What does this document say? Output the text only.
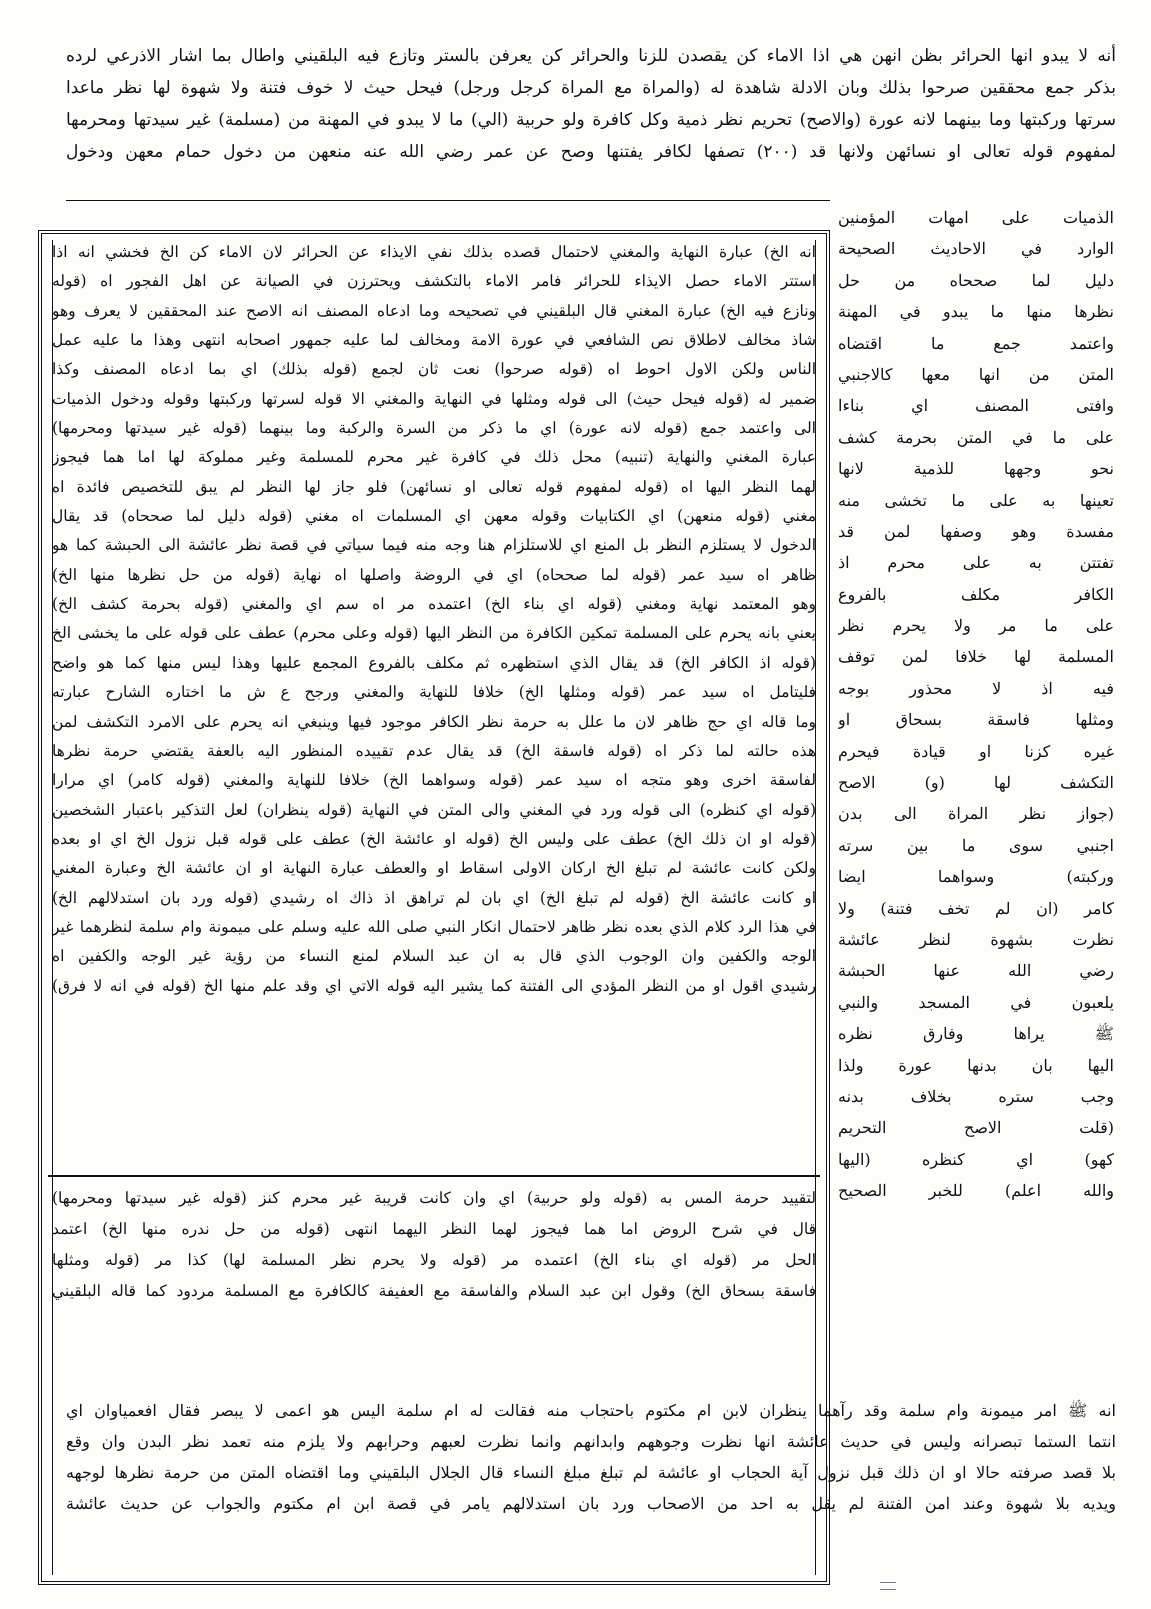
أنه لا يبدو انها الحرائر بظن انهن هي اذا الاماء كن يقصدن للزنا والحرائر كن يعرفن بالستر وتازع فيه البلقيني واطال بما اشار الاذرعي لرده
بذكر جمع محققين صرحوا بذلك وبان الادلة شاهدة له (والمراة مع المراة كرجل ورجل) فيحل حيث لا خوف فتنة ولا شهوة لها نظر ماعدا
سرتها وركبتها وما بينهما لانه عورة (والاصح) تحريم نظر ذمية وكل كافرة ولو حربية (الي) ما لا يبدو في المهنة من (مسلمة) غير سيدتها ومحرمها
لمفهوم قوله تعالى او نسائهن ولانها قد (٢٠٠) تصفها لكافر يفتنها وصح عن عمر رضي الله عنه منعهن من دخول حمام معهن ودخول
الذميات على امهات المؤمنين
الوارد في الاحاديث الصحيحة
دليل لما صححاه من حل
نظرها منها ما يبدو في المهنة
واعتمد جمع ما اقتضاه
المتن من انها معها كالاجنبي
وافتى المصنف اي بناءا
على ما في المتن بحرمة كشف
نحو وجهها للذمية لانها
تعينها به على ما تخشى منه
مفسدة وهو وصفها لمن قد
تفتتن به على محرم اذ
الكافر مكلف بالفروع
على ما مر ولا يحرم نظر
المسلمة لها خلافا لمن توقف
فيه اذ لا محذور بوجه
ومثلها فاسقة بسحاق او
غيره كزنا او قيادة فيحرم
التكشف لها (و) الاصح
(جواز نظر المراة الى بدن
اجنبي سوى ما بين سرته
وركبته) وسواهما ايضا
كامر (ان لم تخف فتنة) ولا
نظرت بشهوة لنظر عائشة
رضي الله عنها الحبشة
يلعبون في المسجد والنبي
ﷺ يراها وفارق نظره
اليها بان بدنها عورة ولذا
وجب ستره بخلاف بدنه
(قلت الاصح التحريم
كهو) اي كنظره (اليها
والله اعلم) للخبر الصحيح
انه الخ) عبارة النهاية والمغني لاحتمال قصده بذلك نفي الايذاء عن الحرائر لان الاماء كن الخ فخشي انه اذا
استتر الاماء حصل الايذاء للحرائر فامر الاماء بالتكشف ويحترزن في الصيانة عن اهل الفجور اه (قوله
ونازع فيه الخ) عبارة المغني قال البلقيني في تصحيحه وما ادعاه المصنف انه الاصح عند المحققين لا يعرف وهو
شاذ مخالف لاطلاق نص الشافعي في عورة الامة ومخالف لما عليه جمهور اصحابه انتهى وهذا ما عليه عمل
الناس ولكن الاول احوط اه (قوله صرحوا) نعت ثان لجمع (قوله بذلك) اي بما ادعاه المصنف وكذا
ضمير له (قوله فيحل حيث) الى قوله ومثلها في النهاية والمغني الا قوله لسرتها وركبتها وقوله ودخول الذميات
الى واعتمد جمع (قوله لانه عورة) اي ما ذكر من السرة والركبة وما بينهما (قوله غير سيدتها ومحرمها)
عبارة المغني والنهاية (تنبيه) محل ذلك في كافرة غير محرم للمسلمة وغير مملوكة لها اما هما فيجوز
لهما النظر اليها اه (قوله لمفهوم قوله تعالى او نسائهن) فلو جاز لها النظر لم يبق للتخصيص فائدة اه
مغني (قوله منعهن) اي الكتابيات وقوله معهن اي المسلمات اه مغني (قوله دليل لما صححاه) قد يقال
الدخول لا يستلزم النظر بل المنع اي للاستلزام هنا وجه منه فيما سياتي في قصة نظر عائشة الى الحبشة كما هو
ظاهر اه سيد عمر (قوله لما صححاه) اي في الروضة واصلها اه نهاية (قوله من حل نظرها منها الخ)
وهو المعتمد نهاية ومغني (قوله اي بناء الخ) اعتمده مر اه سم اي والمغني (قوله بحرمة كشف الخ)
يعني بانه يحرم على المسلمة تمكين الكافرة من النظر اليها (قوله وعلى محرم) عطف على قوله على ما يخشى الخ
(قوله اذ الكافر الخ) قد يقال الذي استظهره ثم مكلف بالفروع المجمع عليها وهذا ليس منها كما هو واضح
فليتامل اه سيد عمر (قوله ومثلها الخ) خلافا للنهاية والمغني ورجح ع ش ما اختاره الشارح عبارته
وما قاله اي حج ظاهر لان ما علل به حرمة نظر الكافر موجود فيها وينبغي انه يحرم على الامرد التكشف لمن
هذه حالته لما ذكر اه (قوله فاسقة الخ) قد يقال عدم تقييده المنظور اليه بالعفة يقتضي حرمة نظرها
لفاسقة اخرى وهو متجه اه سيد عمر (قوله وسواهما الخ) خلافا للنهاية والمغني (قوله كامر) اي مرارا
(قوله اي كنظره) الى قوله ورد في المغني والى المتن في النهاية (قوله ينظران) لعل التذكير باعتبار الشخصين
(قوله او ان ذلك الخ) عطف على وليس الخ (قوله او عائشة الخ) عطف على قوله قبل نزول الخ اي او بعده
ولكن كانت عائشة لم تبلغ الخ اركان الاولى اسقاط او والعطف عبارة النهاية او ان عائشة الخ وعبارة المغني
او كانت عائشة الخ (قوله لم تبلغ الخ) اي بان لم تراهق اذ ذاك اه رشيدي (قوله ورد بان استدلالهم الخ)
في هذا الرد كلام الذي بعده نظر ظاهر لاحتمال انكار النبي صلى الله عليه وسلم على ميمونة وام سلمة لنظرهما غير
الوجه والكفين وان الوجوب الذي قال به ان عبد السلام لمنع النساء من رؤية غير الوجه والكفين اه
رشيدي اقول او من النظر المؤدي الى الفتنة كما يشير اليه قوله الاتي اي وقد علم منها الخ (قوله في انه لا فرق)
لتقييد حرمة المس به (قوله ولو حربية) اي وان كانت قريبة غير محرم كنز (قوله غير سيدتها ومحرمها)
قال في شرح الروض اما هما فيجوز لهما النظر اليهما انتهى (قوله من حل ندره منها الخ) اعتمد
الحل مر (قوله اي بناء الخ) اعتمده مر (قوله ولا يحرم نظر المسلمة لها) كذا مر (قوله ومثلها
فاسقة بسحاق الخ) وقول ابن عبد السلام والفاسقة مع العفيفة كالكافرة مع المسلمة مردود كما قاله البلقيني
انه ﷺ امر ميمونة وام سلمة وقد رآهما ينظران لابن ام مكتوم باحتجاب منه فقالت له ام سلمة اليس هو اعمى لا يبصر فقال افعمياوان اي
انتما الستما تبصرانه وليس في حديث عائشة انها نظرت وجوههم وابدانهم وانما نظرت لعبهم وحرابهم ولا يلزم منه تعمد نظر البدن وان وقع
بلا قصد صرفته حالا او ان ذلك قبل نزول آية الحجاب او عائشة لم تبلغ مبلغ النساء قال الجلال البلقيني وما اقتضاه المتن من حرمة نظرها لوجهه
ويديه بلا شهوة وعند امن الفتنة لم يقل به احد من الاصحاب ورد بان استدلالهم يامر في قصة ابن ام مكتوم والجواب عن حديث عائشة
